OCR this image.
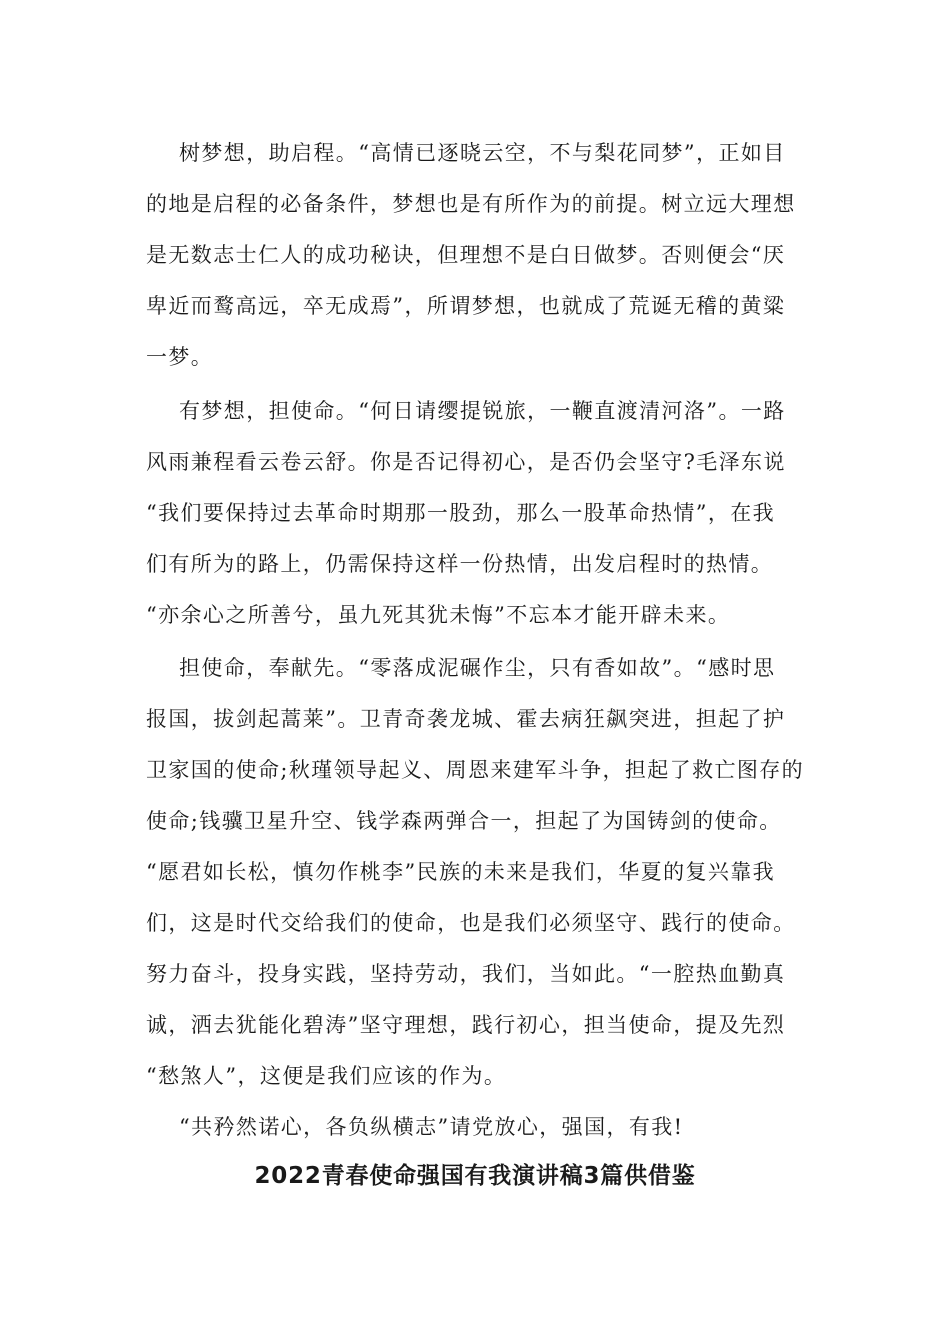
树梦想，助启程。“高情已逐晓云空，不与梨花同梦”，正如目
的地是启程的必备条件，梦想也是有所作为的前提。树立远大理想
是无数志士仁人的成功秘诀，但理想不是白日做梦。否则便会“厌
卑近而鹜高远，卒无成焉”，所谓梦想，也就成了荒诞无稽的黄粱
一梦。

有梦想，担使命。“何日请缨提锐旅，一鞭直渡清河洛”。一路
风雨兼程看云卷云舒。你是否记得初心，是否仍会坚守?毛泽东说
“我们要保持过去革命时期那一股劲，那么一股革命热情”，在我
们有所为的路上，仍需保持这样一份热情，出发启程时的热情。
“亦余心之所善兮，虽九死其犹未悔”不忘本才能开辟未来。

担使命，奉献先。“零落成泥碾作尘，只有香如故”。“感时思
报国，拔剑起蒿莱”。卫青奇袭龙城、霍去病狂飙突进，担起了护
卫家国的使命;秋瑾领导起义、周恩来建军斗争，担起了救亡图存的
使命;钱骥卫星升空、钱学森两弹合一，担起了为国铸剑的使命。
“愿君如长松，慎勿作桃李”民族的未来是我们，华夏的复兴靠我
们，这是时代交给我们的使命，也是我们必须坚守、践行的使命。
努力奋斗，投身实践，坚持劳动，我们，当如此。“一腔热血勤真
诚，洒去犹能化碧涛”坚守理想，践行初心，担当使命，提及先烈
“愁煞人”，这便是我们应该的作为。

“共矜然诺心，各负纵横志”请党放心，强国，有我!

2022青春使命强国有我演讲稿3篇供借鉴
